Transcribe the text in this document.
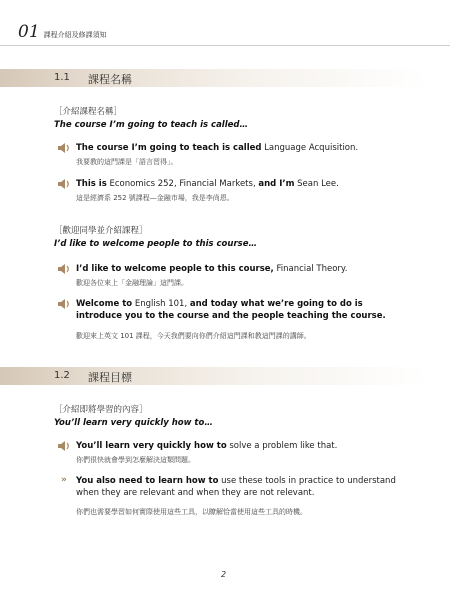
01 課程介紹及修課須知
1.1 課程名稱
［介紹課程名稱］
The course I’m going to teach is called…
The course I’m going to teach is called Language Acquisition.
我要教的這門課是「語言習得」。
This is Economics 252, Financial Markets, and I’m Sean Lee.
這是經濟系 252 號課程—金融市場，我是李尚恩。
［歡迎同學並介紹課程］
I’d like to welcome people to this course…
I’d like to welcome people to this course, Financial Theory.
歡迎各位來上「金融理論」這門課。
Welcome to English 101, and today what we’re going to do is introduce you to the course and the people teaching the course.
歡迎來上英文 101 課程，今天我們要向你們介紹這門課和教這門課的講師。
1.2 課程目標
［介紹即將學習的內容］
You’ll learn very quickly how to…
You’ll learn very quickly how to solve a problem like that.
你們很快就會學到怎麼解決這類問題。
» You also need to learn how to use these tools in practice to understand when they are relevant and when they are not relevant.
你們也需要學習如何實際使用這些工具，以瞭解恰當使用這些工具的時機。
2
